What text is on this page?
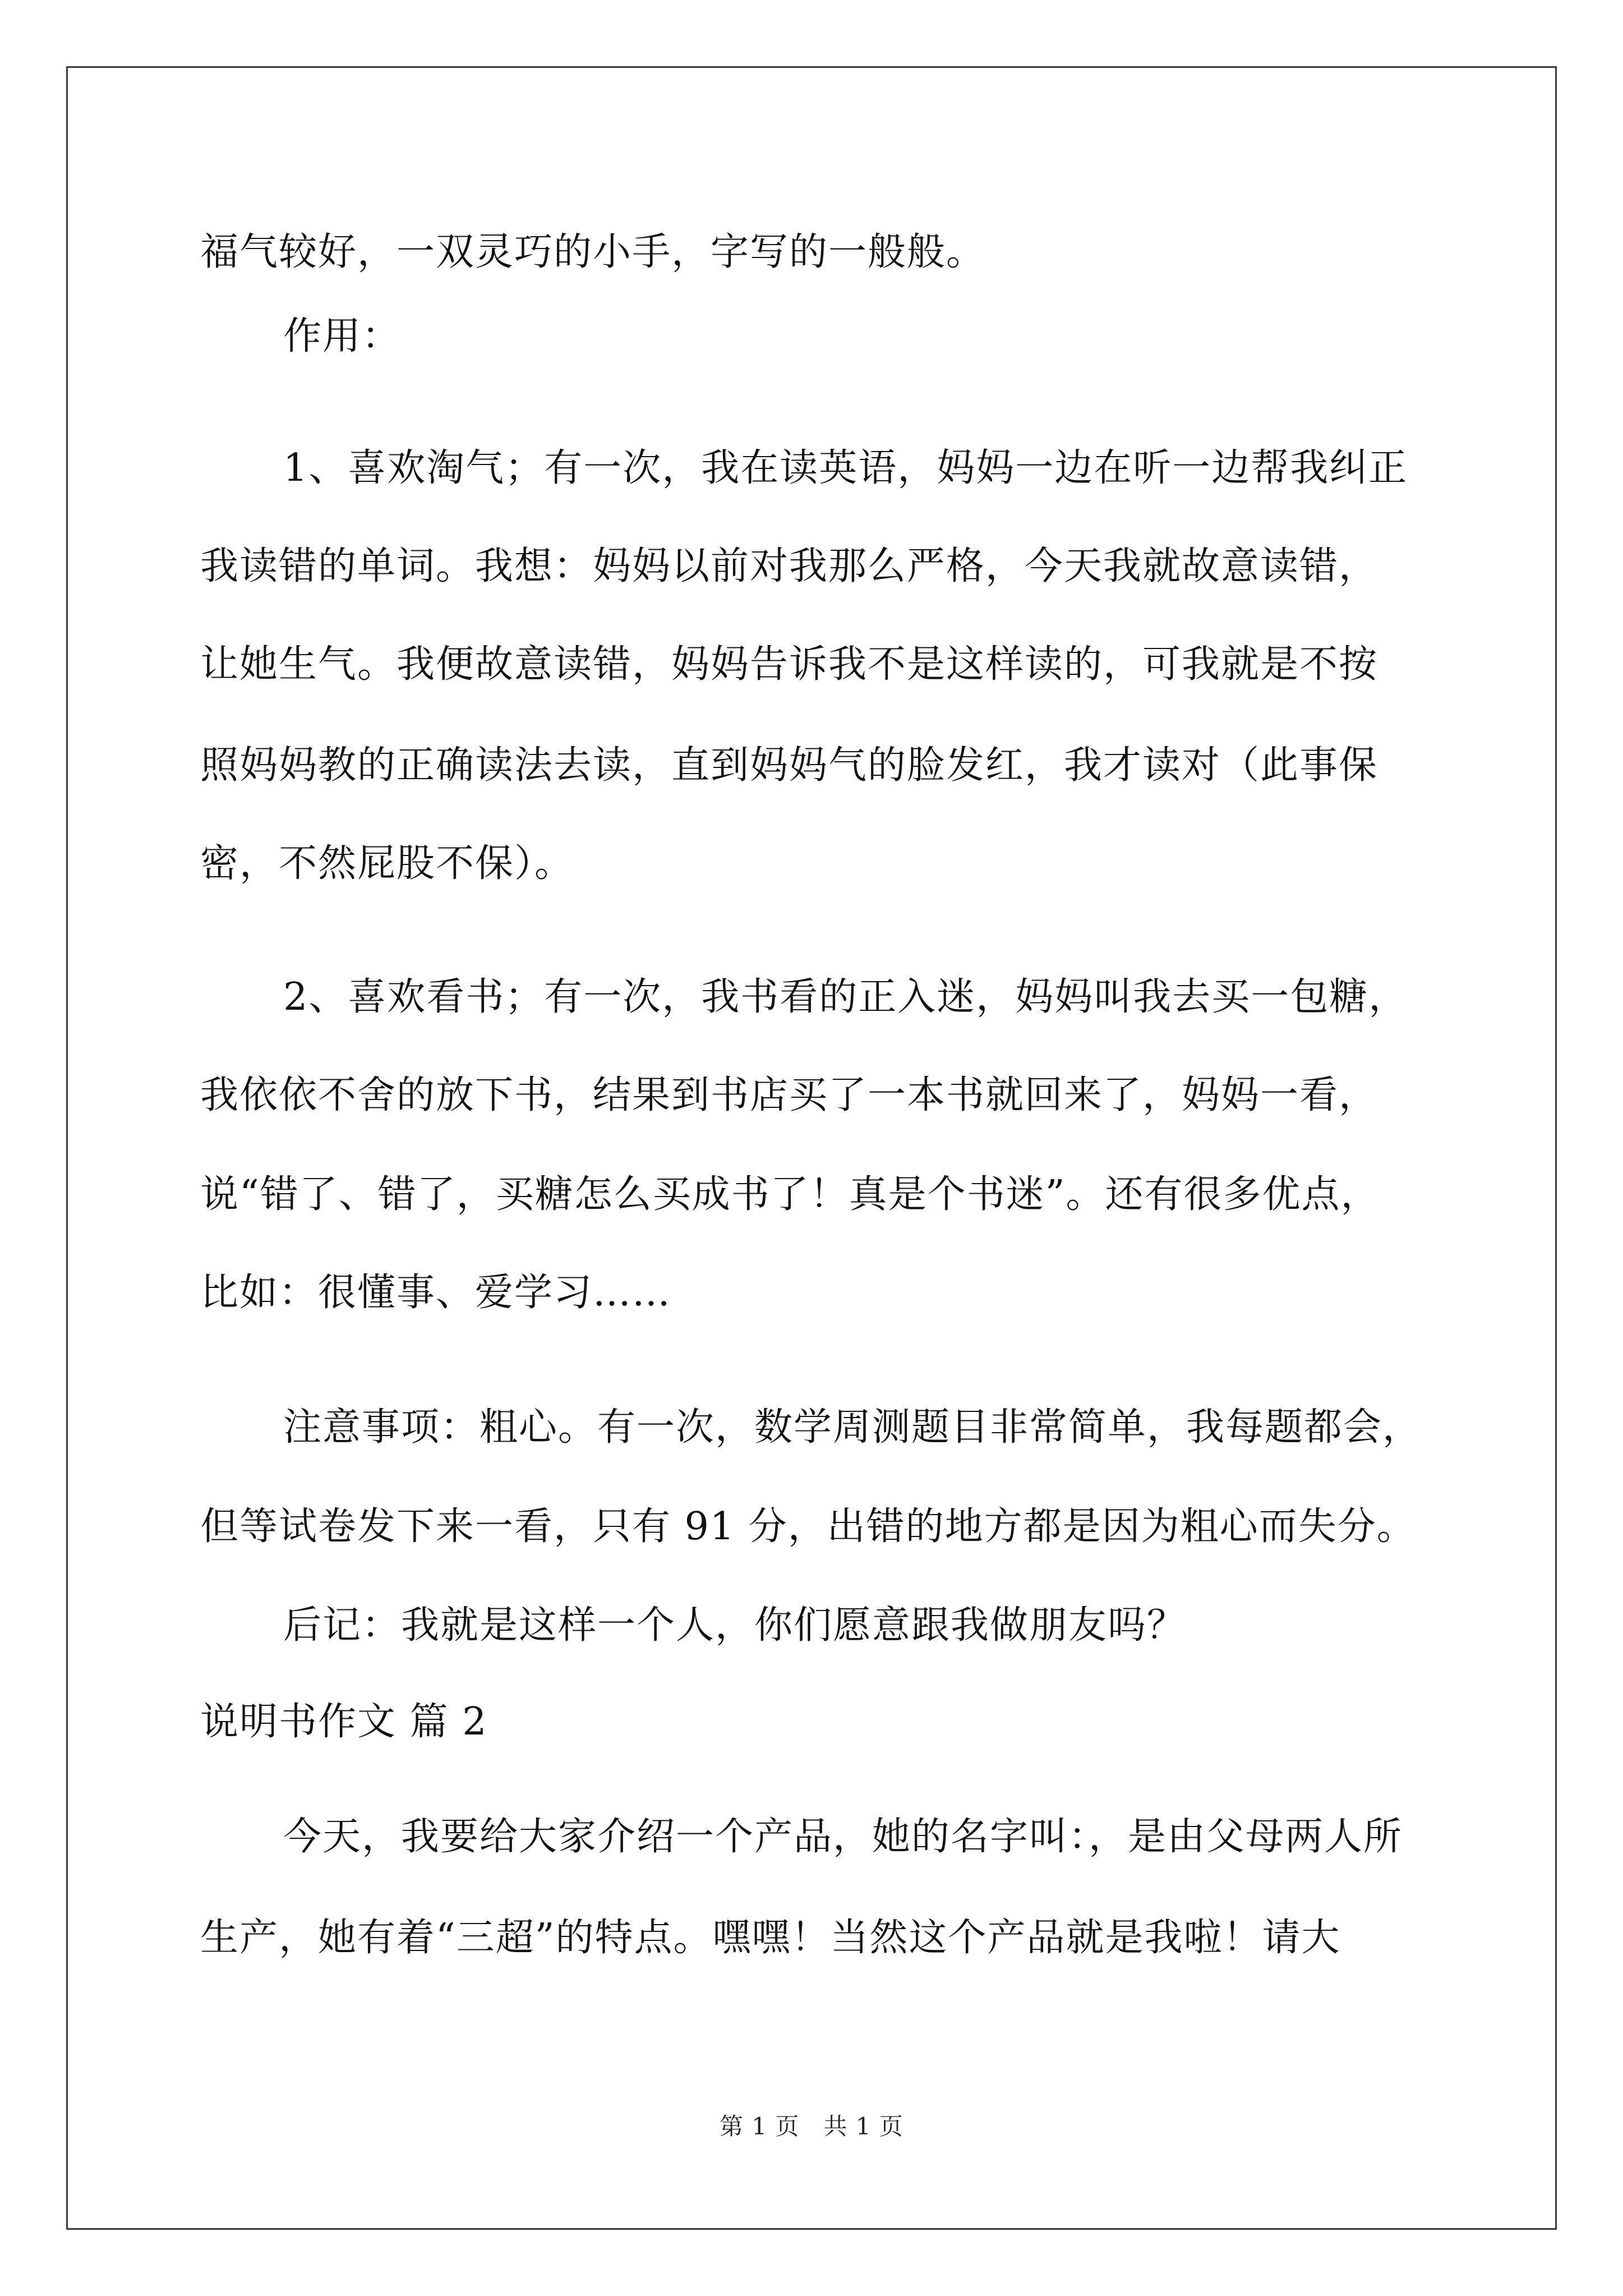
福气较好，一双灵巧的小手，字写的一般般。
作用：
1、喜欢淘气；有一次，我在读英语，妈妈一边在听一边帮我纠正
我读错的单词。我想：妈妈以前对我那么严格，今天我就故意读错，
让她生气。我便故意读错，妈妈告诉我不是这样读的，可我就是不按
照妈妈教的正确读法去读，直到妈妈气的脸发红，我才读对（此事保
密，不然屁股不保）。
2、喜欢看书；有一次，我书看的正入迷，妈妈叫我去买一包糖，
我依依不舍的放下书，结果到书店买了一本书就回来了，妈妈一看，
说“错了、错了，买糖怎么买成书了！真是个书迷”。还有很多优点，
比如：很懂事、爱学习……
注意事项：粗心。有一次，数学周测题目非常简单，我每题都会，
但等试卷发下来一看，只有 91 分，出错的地方都是因为粗心而失分。
后记：我就是这样一个人，你们愿意跟我做朋友吗？
说明书作文 篇 2
今天，我要给大家介绍一个产品，她的名字叫：，是由父母两人所
生产，她有着“三超”的特点。嘿嘿！当然这个产品就是我啦！请大
第 1 页　共 1 页
